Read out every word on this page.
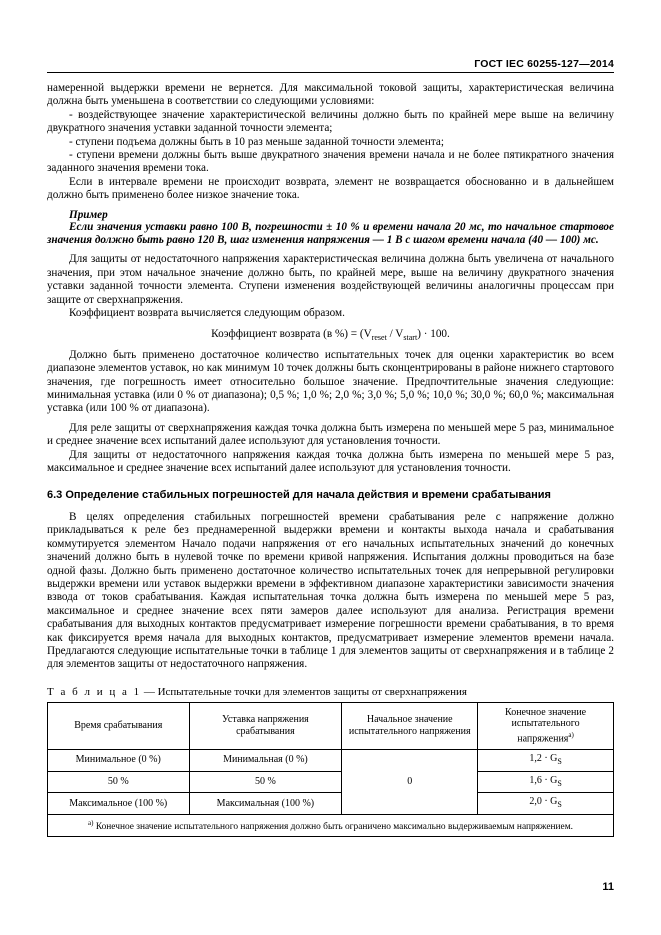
ГОСТ IEC 60255-127—2014

намеренной выдержки времени не вернется. Для максимальной токовой защиты, характеристическая величина должна быть уменьшена в соответствии со следующими условиями:

- воздействующее значение характеристической величины должно быть по крайней мере выше на величину двукратного значения уставки заданной точности элемента;

- ступени подъема должны быть в 10 раз меньше заданной точности элемента;

- ступени времени должны быть выше двукратного значения времени начала и не более пятикратного значения заданного значения времени тока.

Если в интервале времени не происходит возврата, элемент не возвращается обоснованно и в дальнейшем должно быть применено более низкое значение тока.

Пример

Если значения уставки равно 100 В, погрешности ± 10 % и времени начала 20 мс, то начальное стартовое значения должно быть равно 120 В, шаг изменения напряжения — 1 В с шагом времени начала (40 — 100) мс.

Для защиты от недостаточного напряжения характеристическая величина должна быть увеличена от начального значения, при этом начальное значение должно быть, по крайней мере, выше на величину двукратного значения уставки заданной точности элемента. Ступени изменения воздействующей величины аналогичны процессам при защите от сверхнапряжения.

Коэффициент возврата вычисляется следующим образом.

Коэффициент возврата (в %) = $(V_{reset} / V_{start}) \cdot 100$.

Должно быть применено достаточное количество испытательных точек для оценки характеристик во всем диапазоне элементов уставок, но как минимум 10 точек должны быть сконцентрированы в районе нижнего стартового значения, где погрешность имеет относительно большое значение. Предпочтительные значения следующие: минимальная уставка (или 0 % от диапазона); 0,5 %; 1,0 %; 2,0 %; 3,0 %; 5,0 %; 10,0 %; 30,0 %; 60,0 %; максимальная уставка (или 100 % от диапазона).

Для реле защиты от сверхнапряжения каждая точка должна быть измерена по меньшей мере 5 раз, минимальное и среднее значение всех испытаний далее используют для установления точности.

Для защиты от недостаточного напряжения каждая точка должна быть измерена по меньшей мере 5 раз, максимальное и среднее значение всех испытаний далее используют для установления точности.

6.3 Определение стабильных погрешностей для начала действия и времени срабатывания

В целях определения стабильных погрешностей времени срабатывания реле с напряжение должно прикладываться к реле без преднамеренной выдержки времени и контакты выхода начала и срабатывания коммутируется элементом Начало подачи напряжения от его начальных испытательных значений до конечных значений должно быть в нулевой точке по времени кривой напряжения. Испытания должны проводиться на базе одной фазы. Должно быть применено достаточное количество испытательных точек для непрерывной регулировки выдержки времени или уставок выдержки времени в эффективном диапазоне характеристики зависимости значения взвода от токов срабатывания. Каждая испытательная точка должна быть измерена по меньшей мере 5 раз, максимальное и среднее значение всех пяти замеров далее используют для анализа. Регистрация времени срабатывания для выходных контактов предусматривает измерение погрешности времени срабатывания, в то время как фиксируется время начала для выходных контактов, предусматривает измерение элементов времени начала. Предлагаются следующие испытательные точки в таблице 1 для элементов защиты от сверхнапряжения и в таблице 2 для элементов защиты от недостаточного напряжения.

Т а б л и ц а 1 — Испытательные точки для элементов защиты от сверхнапряжения
Время срабатывания	Уставка напряжения срабатывания	Начальное значение испытательного напряжения	Конечное значение испытательного напряжения$^{а)}$
Минимальное (0 %)	Минимальная (0 %)	0	$1,2 \cdot G_S$
50 %	50 %		$1,6 \cdot G_S$
Максимальное (100 %)	Максимальная (100 %)		$2,0 \cdot G_S$
$^{а)}$ Конечное значение испытательного напряжения должно быть ограничено максимально выдерживаемым напряжением.			
11
